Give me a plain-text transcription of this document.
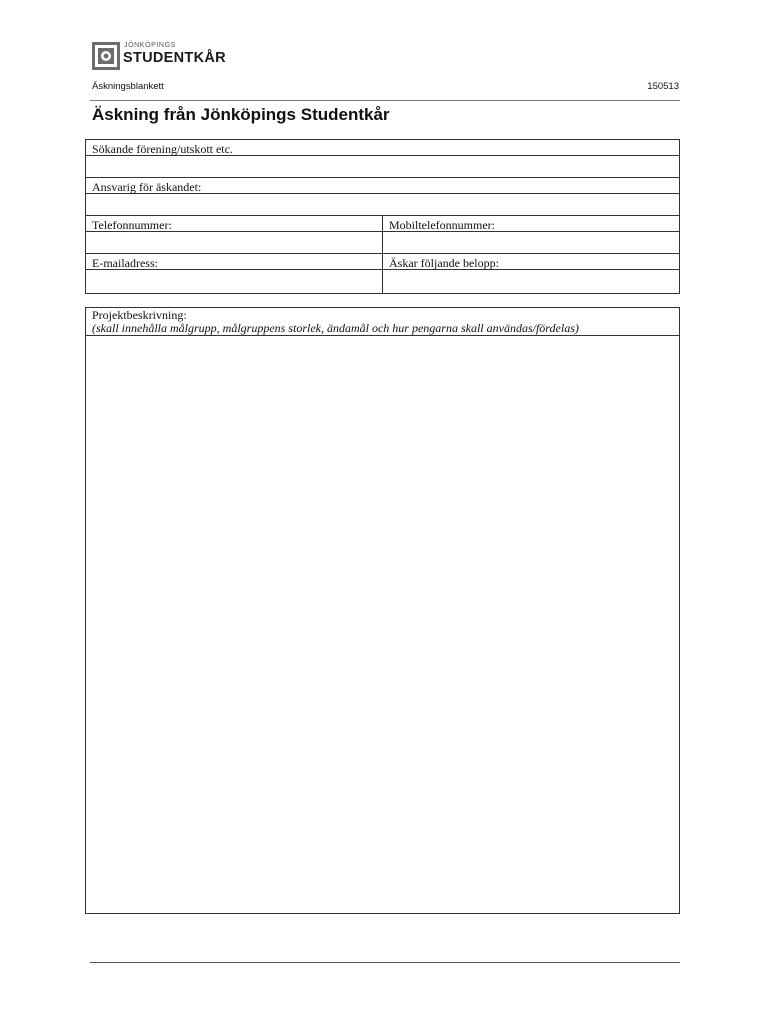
JÖNKÖPINGS
STUDENTKÅR
Äskningsblankett	150513
Äskning från Jönköpings Studentkår
Sökande förening/utskott etc.
Ansvarig för äskandet:
Telefonnummer:	Mobiltelefonnummer:
E-mailadress:	Äskar följande belopp:
Projektbeskrivning:
(skall innehålla målgrupp, målgruppens storlek, ändamål och hur pengarna skall användas/fördelas)
